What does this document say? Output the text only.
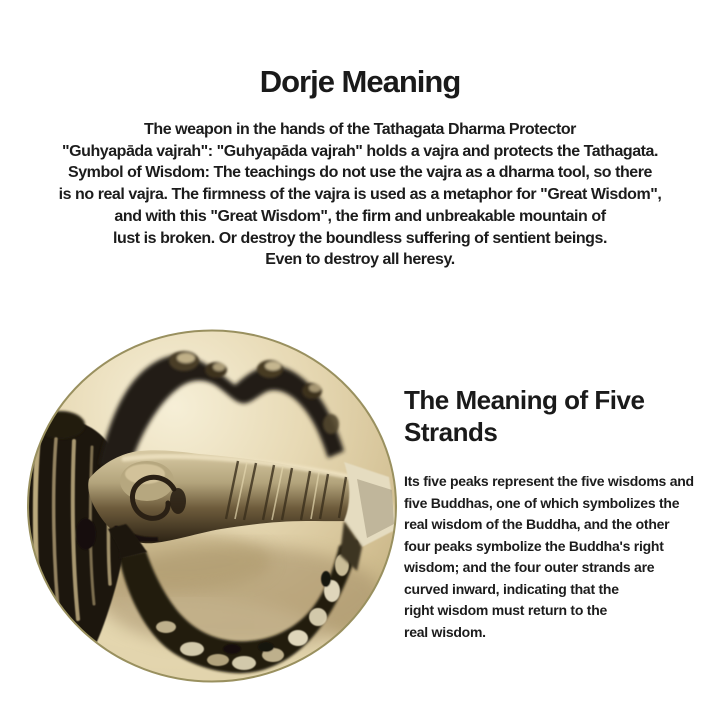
Dorje Meaning
The weapon in the hands of the Tathagata Dharma Protector
"Guhyapāda vajrah": "Guhyapāda vajrah" holds a vajra and protects the Tathagata.
Symbol of Wisdom: The teachings do not use the vajra as a dharma tool, so there
is no real vajra. The firmness of the vajra is used as a metaphor for "Great Wisdom",
and with this "Great Wisdom", the firm and unbreakable mountain of
lust is broken. Or destroy the boundless suffering of sentient beings.
Even to destroy all heresy.
The Meaning of Five
Strands
Its five peaks represent the five wisdoms and
five Buddhas, one of which symbolizes the
real wisdom of the Buddha, and the other
four peaks symbolize the Buddha's right
wisdom; and the four outer strands are
curved inward, indicating that the
right wisdom must return to the
real wisdom.
